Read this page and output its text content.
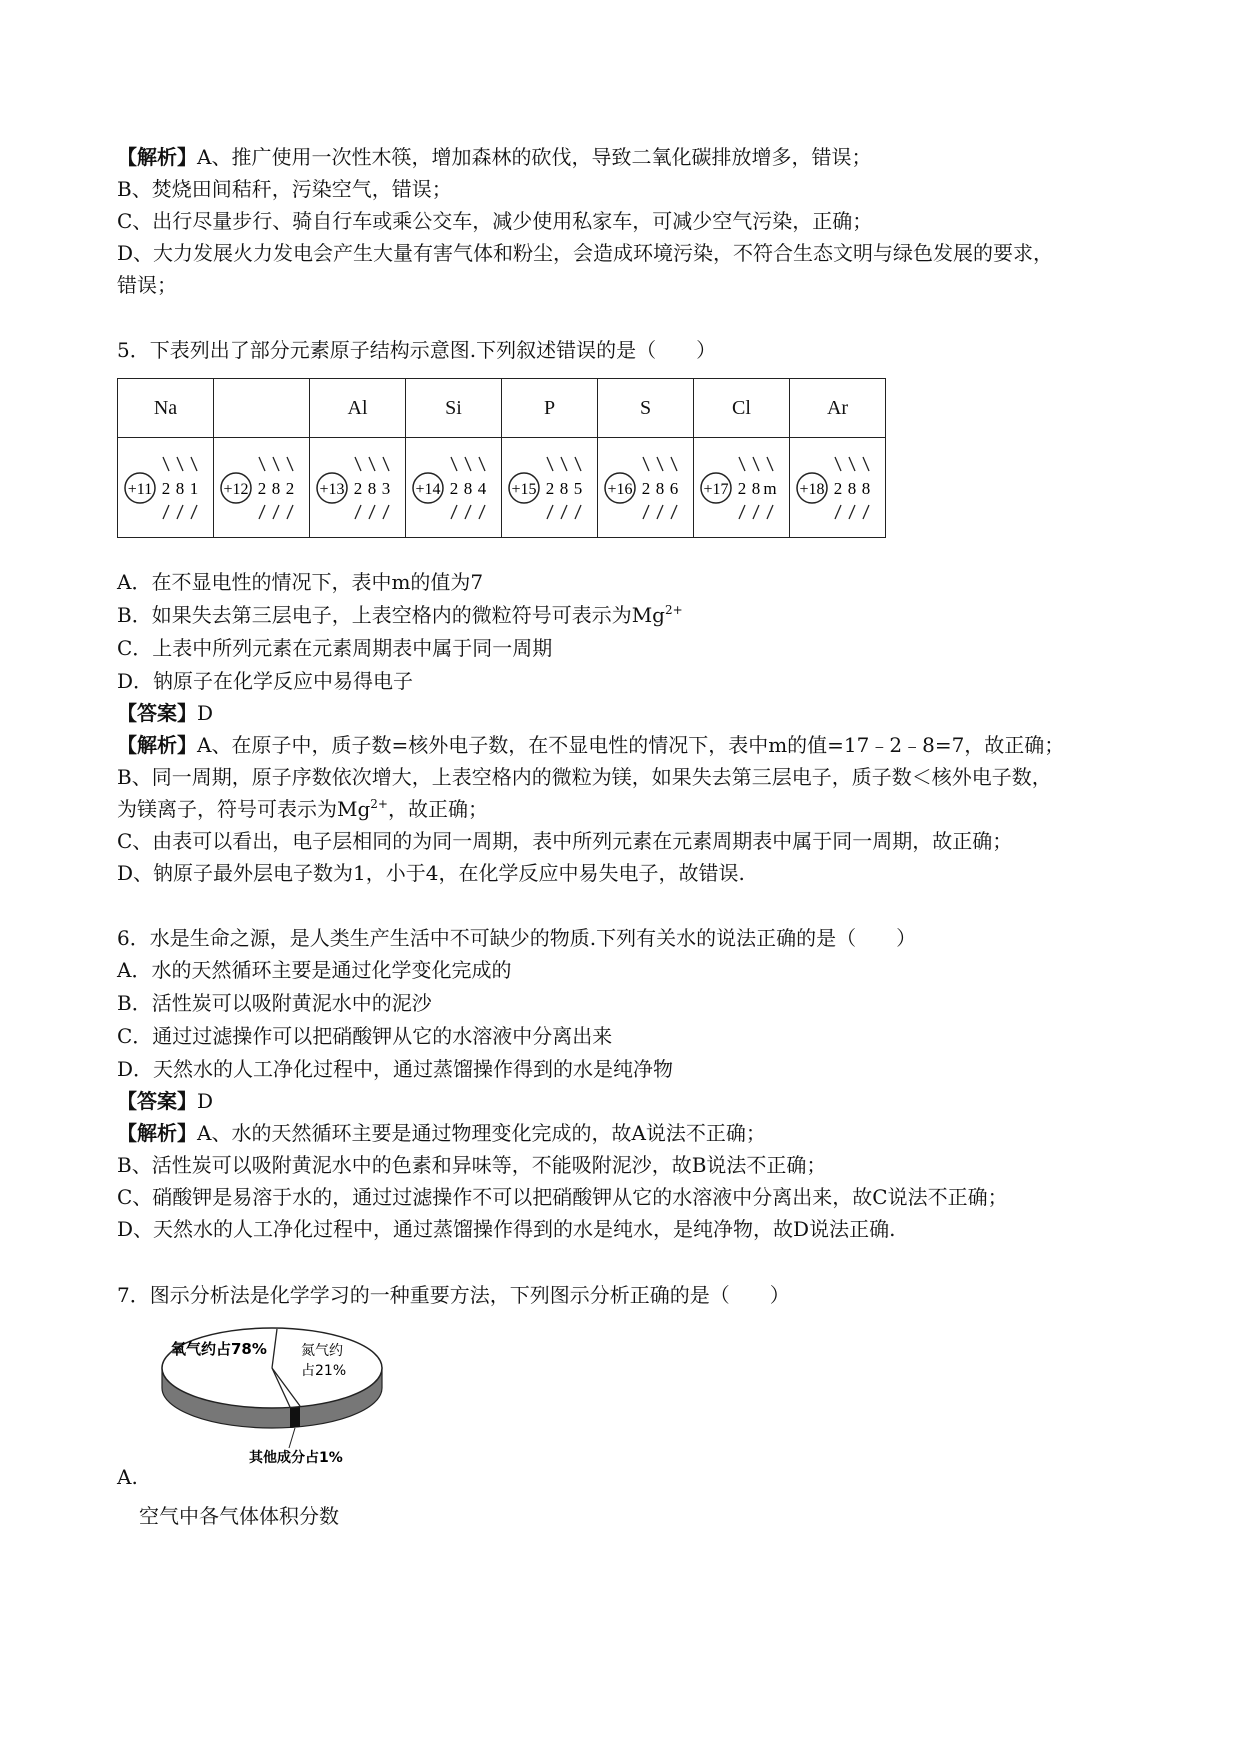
【解析】A、推广使用一次性木筷，增加森林的砍伐，导致二氧化碳排放增多，错误；
B、焚烧田间秸秆，污染空气，错误；
C、出行尽量步行、骑自行车或乘公交车，减少使用私家车，可减少空气污染，正确；
D、大力发展火力发电会产生大量有害气体和粉尘，会造成环境污染，不符合生态文明与绿色发展的要求，
错误；
5．下表列出了部分元素原子结构示意图.下列叙述错误的是（　　）
Na		Al	Si	P	S	Cl	Ar

+11 2 8 1	+12 2 8 2	+13 2 8 3	+14 2 8 4	+15 2 8 5	+16 2 8 6	+17 2 8 m	+18 2 8 8
A．在不显电性的情况下，表中m的值为7
B．如果失去第三层电子，上表空格内的微粒符号可表示为$Mg^{2+}$
C．上表中所列元素在元素周期表中属于同一周期
D．钠原子在化学反应中易得电子
【答案】D
【解析】A、在原子中，质子数=核外电子数，在不显电性的情况下，表中m的值=17﹣2﹣8=7，故正确；
B、同一周期，原子序数依次增大，上表空格内的微粒为镁，如果失去第三层电子，质子数＜核外电子数，
为镁离子，符号可表示为$Mg^{2+}$，故正确；
C、由表可以看出，电子层相同的为同一周期，表中所列元素在元素周期表中属于同一周期，故正确；
D、钠原子最外层电子数为1，小于4，在化学反应中易失电子，故错误.
6．水是生命之源，是人类生产生活中不可缺少的物质.下列有关水的说法正确的是（　　）
A．水的天然循环主要是通过化学变化完成的
B．活性炭可以吸附黄泥水中的泥沙
C．通过过滤操作可以把硝酸钾从它的水溶液中分离出来
D．天然水的人工净化过程中，通过蒸馏操作得到的水是纯净物
【答案】D
【解析】A、水的天然循环主要是通过物理变化完成的，故A说法不正确；
B、活性炭可以吸附黄泥水中的色素和异味等，不能吸附泥沙，故B说法不正确；
C、硝酸钾是易溶于水的，通过过滤操作不可以把硝酸钾从它的水溶液中分离出来，故C说法不正确；
D、天然水的人工净化过程中，通过蒸馏操作得到的水是纯水，是纯净物，故D说法正确.
7．图示分析法是化学学习的一种重要方法，下列图示分析正确的是（　　）
氧气约占78% 氮气约
占21%
其他成分占1%
A.
空气中各气体体积分数
